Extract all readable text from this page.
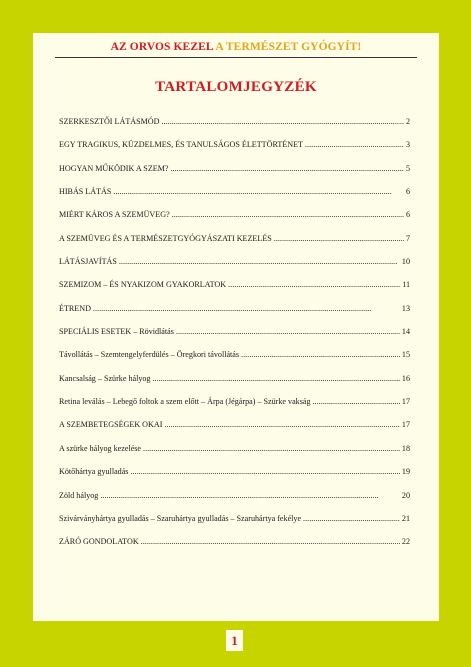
AZ ORVOS KEZEL A TERMÉSZET GYÓGYÍT!
TARTALOMJEGYZÉK
SZERKESZTŐI LÁTÁSMÓD . . .	2
EGY TRAGIKUS, KÜZDELMES, ÉS TANULSÁGOS ÉLETTÖRTÉNET . . .	3
HOGYAN MŰKÖDIK A SZEM? . . .	5
HIBÁS LÁTÁS . . .	6
MIÉRT KÁROS A SZEMÜVEG? . . .	6
A SZEMÜVEG ÉS A TERMÉSZETGYÓGYÁSZATI KEZELÉS . . .	7
LÁTÁSJAVÍTÁS . . .	10
SZEMIZOM – ÉS NYAKIZOM GYAKORLATOK . . .	11
ÉTREND . . .	13
SPECIÁLIS ESETEK – Rövidlátás . . .	14
Távollátás – Szemtengelyferdülés – Öregkori távollátás . . .	15
Kancsalság – Szürke hályog . . .	16
Retina leválás – Lebegő foltok a szem előtt – Árpa (Jégárpa) – Szürke vakság . . .	17
A SZEMBETEGSÉGEK OKAI . . .	17
A szürke hályog kezelése . . .	18
Kötőhártya gyulladás . . .	19
Zöld hályog . . .	20
Szivárványhártya gyulladás – Szaruhártya gyulladás – Szaruhártya fekélye . . .	21
ZÁRÓ GONDOLATOK . . .	22
1
